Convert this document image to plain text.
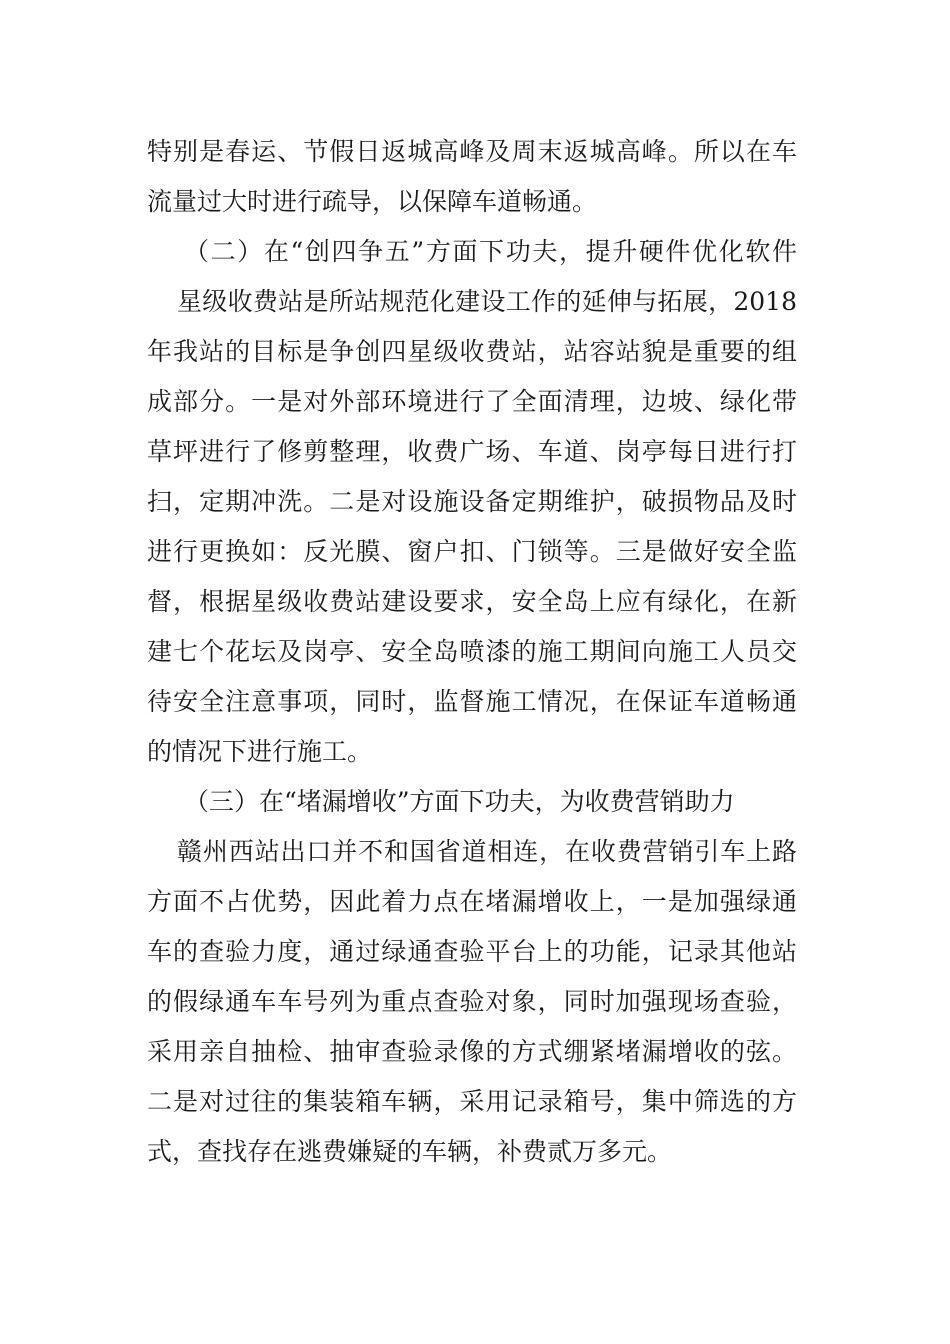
特别是春运、节假日返城高峰及周末返城高峰。所以在车
流量过大时进行疏导，以保障车道畅通。
（二）在“创四争五”方面下功夫，提升硬件优化软件
星级收费站是所站规范化建设工作的延伸与拓展，2018
年我站的目标是争创四星级收费站，站容站貌是重要的组
成部分。一是对外部环境进行了全面清理，边坡、绿化带
草坪进行了修剪整理，收费广场、车道、岗亭每日进行打
扫，定期冲洗。二是对设施设备定期维护，破损物品及时
进行更换如：反光膜、窗户扣、门锁等。三是做好安全监
督，根据星级收费站建设要求，安全岛上应有绿化，在新
建七个花坛及岗亭、安全岛喷漆的施工期间向施工人员交
待安全注意事项，同时，监督施工情况，在保证车道畅通
的情况下进行施工。
（三）在“堵漏增收”方面下功夫，为收费营销助力
赣州西站出口并不和国省道相连，在收费营销引车上路
方面不占优势，因此着力点在堵漏增收上，一是加强绿通
车的查验力度，通过绿通查验平台上的功能，记录其他站
的假绿通车车号列为重点查验对象，同时加强现场查验，
采用亲自抽检、抽审查验录像的方式绷紧堵漏增收的弦。
二是对过往的集装箱车辆，采用记录箱号，集中筛选的方
式，查找存在逃费嫌疑的车辆，补费贰万多元。
